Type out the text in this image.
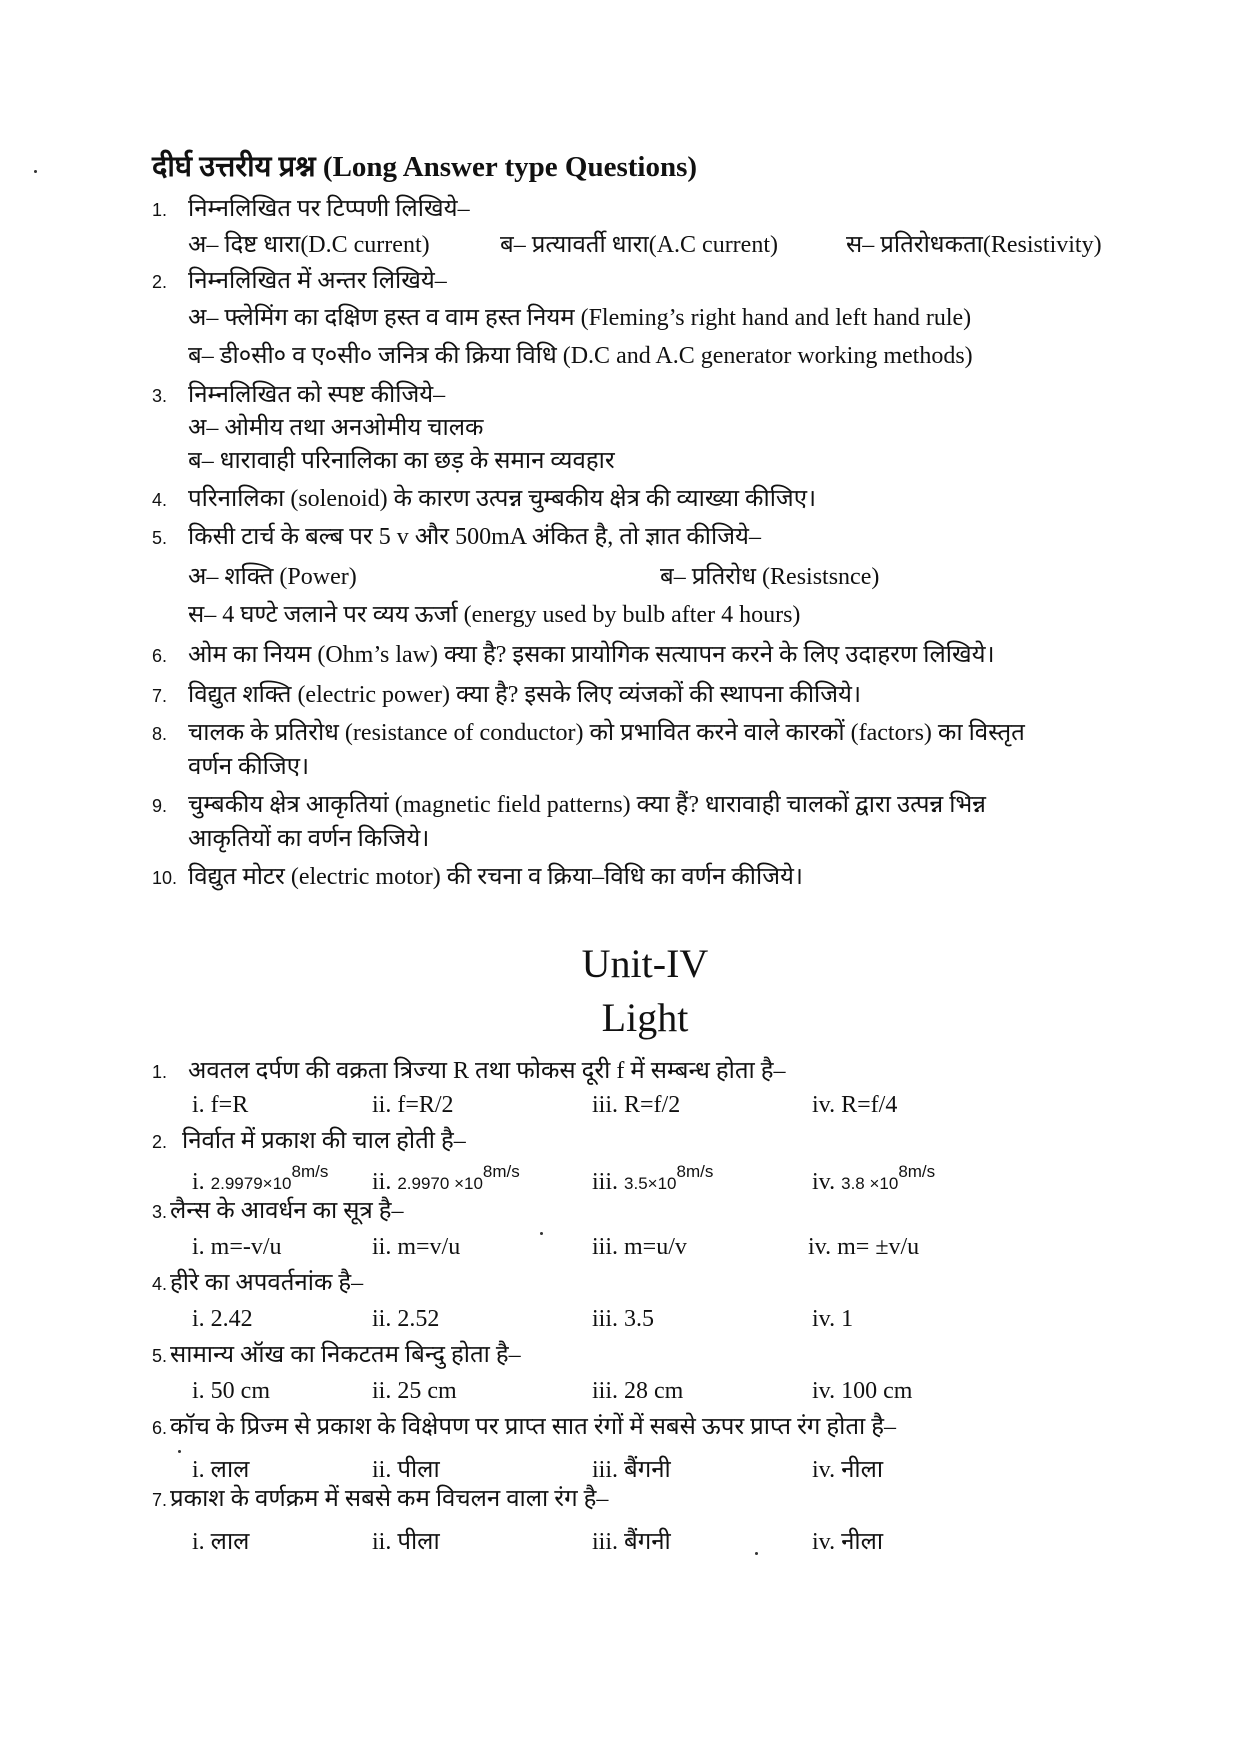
दीर्घ उत्तरीय प्रश्न (Long Answer type Questions)
1. निम्नलिखित पर टिप्पणी लिखिये–
अ– दिष्ट धारा(D.C current)	ब– प्रत्यावर्ती धारा(A.C current)	स– प्रतिरोधकता(Resistivity)
2. निम्नलिखित में अन्तर लिखिये–
अ– फ्लेमिंग का दक्षिण हस्त व वाम हस्त नियम (Fleming’s right hand and left hand rule)
ब– डी०सी० व ए०सी० जनित्र की क्रिया विधि (D.C and A.C generator working methods)
3. निम्नलिखित को स्पष्ट कीजिये–
अ– ओमीय तथा अनओमीय चालक
ब– धारावाही परिनालिका का छड़ के समान व्यवहार
4. परिनालिका (solenoid) के कारण उत्पन्न चुम्बकीय क्षेत्र की व्याख्या कीजिए।
5. किसी टार्च के बल्ब पर 5 v और 500mA अंकित है, तो ज्ञात कीजिये–
अ– शक्ति (Power)	ब– प्रतिरोध (Resistsnce)
स– 4 घण्टे जलाने पर व्यय ऊर्जा (energy used by bulb after 4 hours)
6. ओम का नियम (Ohm’s law) क्या है? इसका प्रायोगिक सत्यापन करने के लिए उदाहरण लिखिये।
7. विद्युत शक्ति (electric power) क्या है? इसके लिए व्यंजकों की स्थापना कीजिये।
8. चालक के प्रतिरोध (resistance of conductor) को प्रभावित करने वाले कारकों (factors) का विस्तृत
वर्णन कीजिए।
9. चुम्बकीय क्षेत्र आकृतियां (magnetic field patterns) क्या हैं? धारावाही चालकों द्वारा उत्पन्न भिन्न
आकृतियों का वर्णन किजिये।
10. विद्युत मोटर (electric motor) की रचना व क्रिया–विधि का वर्णन कीजिये।
Unit-IV
Light
1. अवतल दर्पण की वक्रता त्रिज्या R तथा फोकस दूरी f में सम्बन्ध होता है–
i. f=R	ii. f=R/2	iii. R=f/2	iv. R=f/4
2. निर्वात में प्रकाश की चाल होती है–
i. $2.9979\times 10^{8m/s}$ ii. $2.9970 \times 10^{8m/s}$	iii. $3.5\times 10^{8m/s}$	iv. $3.8 \times 10^{8m/s}$
3. लैन्स के आवर्धन का सूत्र है–
i. m=-v/u	ii. m=v/u	iii. m=u/v	iv. m= ±v/u
4. हीरे का अपवर्तनांक है–
i. 2.42	ii. 2.52	iii. 3.5	iv. 1
5. सामान्य ऑख का निकटतम बिन्दु होता है–
i. 50 cm	ii. 25 cm	iii. 28 cm	iv. 100 cm
6. कॉच के प्रिज्म से प्रकाश के विक्षेपण पर प्राप्त सात रंगों में सबसे ऊपर प्राप्त रंग होता है–
i. लाल	ii. पीला	iii. बैंगनी	iv. नीला
7. प्रकाश के वर्णक्रम में सबसे कम विचलन वाला रंग है–
i. लाल	ii. पीला	iii. बैंगनी	iv. नीला
